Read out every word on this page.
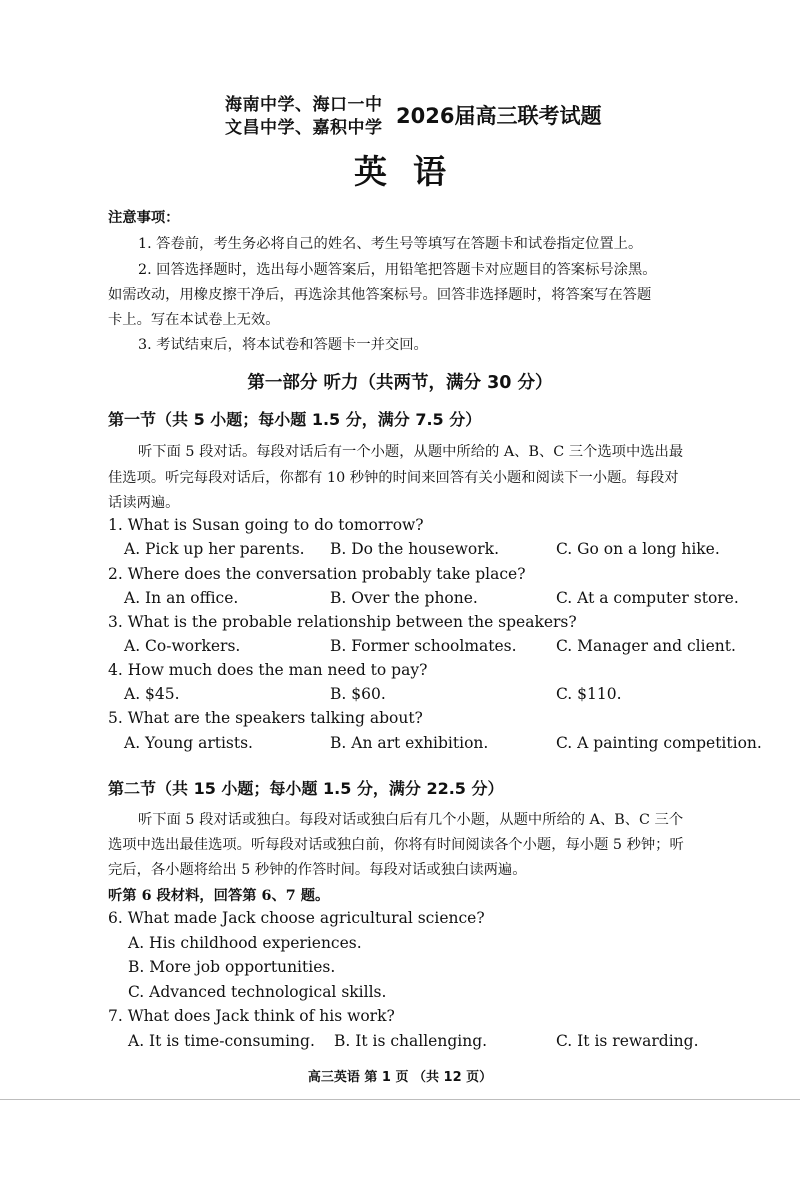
海南中学、海口一中
文昌中学、嘉积中学 2026届高三联考试题
英语
注意事项：
1. 答卷前，考生务必将自己的姓名、考生号等填写在答题卡和试卷指定位置上。
2. 回答选择题时，选出每小题答案后，用铅笔把答题卡对应题目的答案标号涂黑。
如需改动，用橡皮擦干净后，再选涂其他答案标号。回答非选择题时，将答案写在答题
卡上。写在本试卷上无效。
3. 考试结束后，将本试卷和答题卡一并交回。
第一部分 听力（共两节，满分 30 分）
第一节（共 5 小题；每小题 1.5 分，满分 7.5 分）
听下面 5 段对话。每段对话后有一个小题，从题中所给的 A、B、C 三个选项中选出最
佳选项。听完每段对话后，你都有 10 秒钟的时间来回答有关小题和阅读下一小题。每段对
话读两遍。
1. What is Susan going to do tomorrow?
A. Pick up her parents. B. Do the housework.	C. Go on a long hike.
2. Where does the conversation probably take place?
A. In an office.	B. Over the phone.	C. At a computer store.
3. What is the probable relationship between the speakers?
A. Co-workers.	B. Former schoolmates.	C. Manager and client.
4. How much does the man need to pay?
A. $45.	B. $60.	C. $110.
5. What are the speakers talking about?
A. Young artists.	B. An art exhibition.	C. A painting competition.
第二节（共 15 小题；每小题 1.5 分，满分 22.5 分）
听下面 5 段对话或独白。每段对话或独白后有几个小题，从题中所给的 A、B、C 三个
选项中选出最佳选项。听每段对话或独白前，你将有时间阅读各个小题，每小题 5 秒钟；听
完后，各小题将给出 5 秒钟的作答时间。每段对话或独白读两遍。
听第 6 段材料，回答第 6、7 题。
6. What made Jack choose agricultural science?
A. His childhood experiences.
B. More job opportunities.
C. Advanced technological skills.
7. What does Jack think of his work?
A. It is time-consuming. B. It is challenging.	C. It is rewarding.
高三英语 第 1 页 （共 12 页）
